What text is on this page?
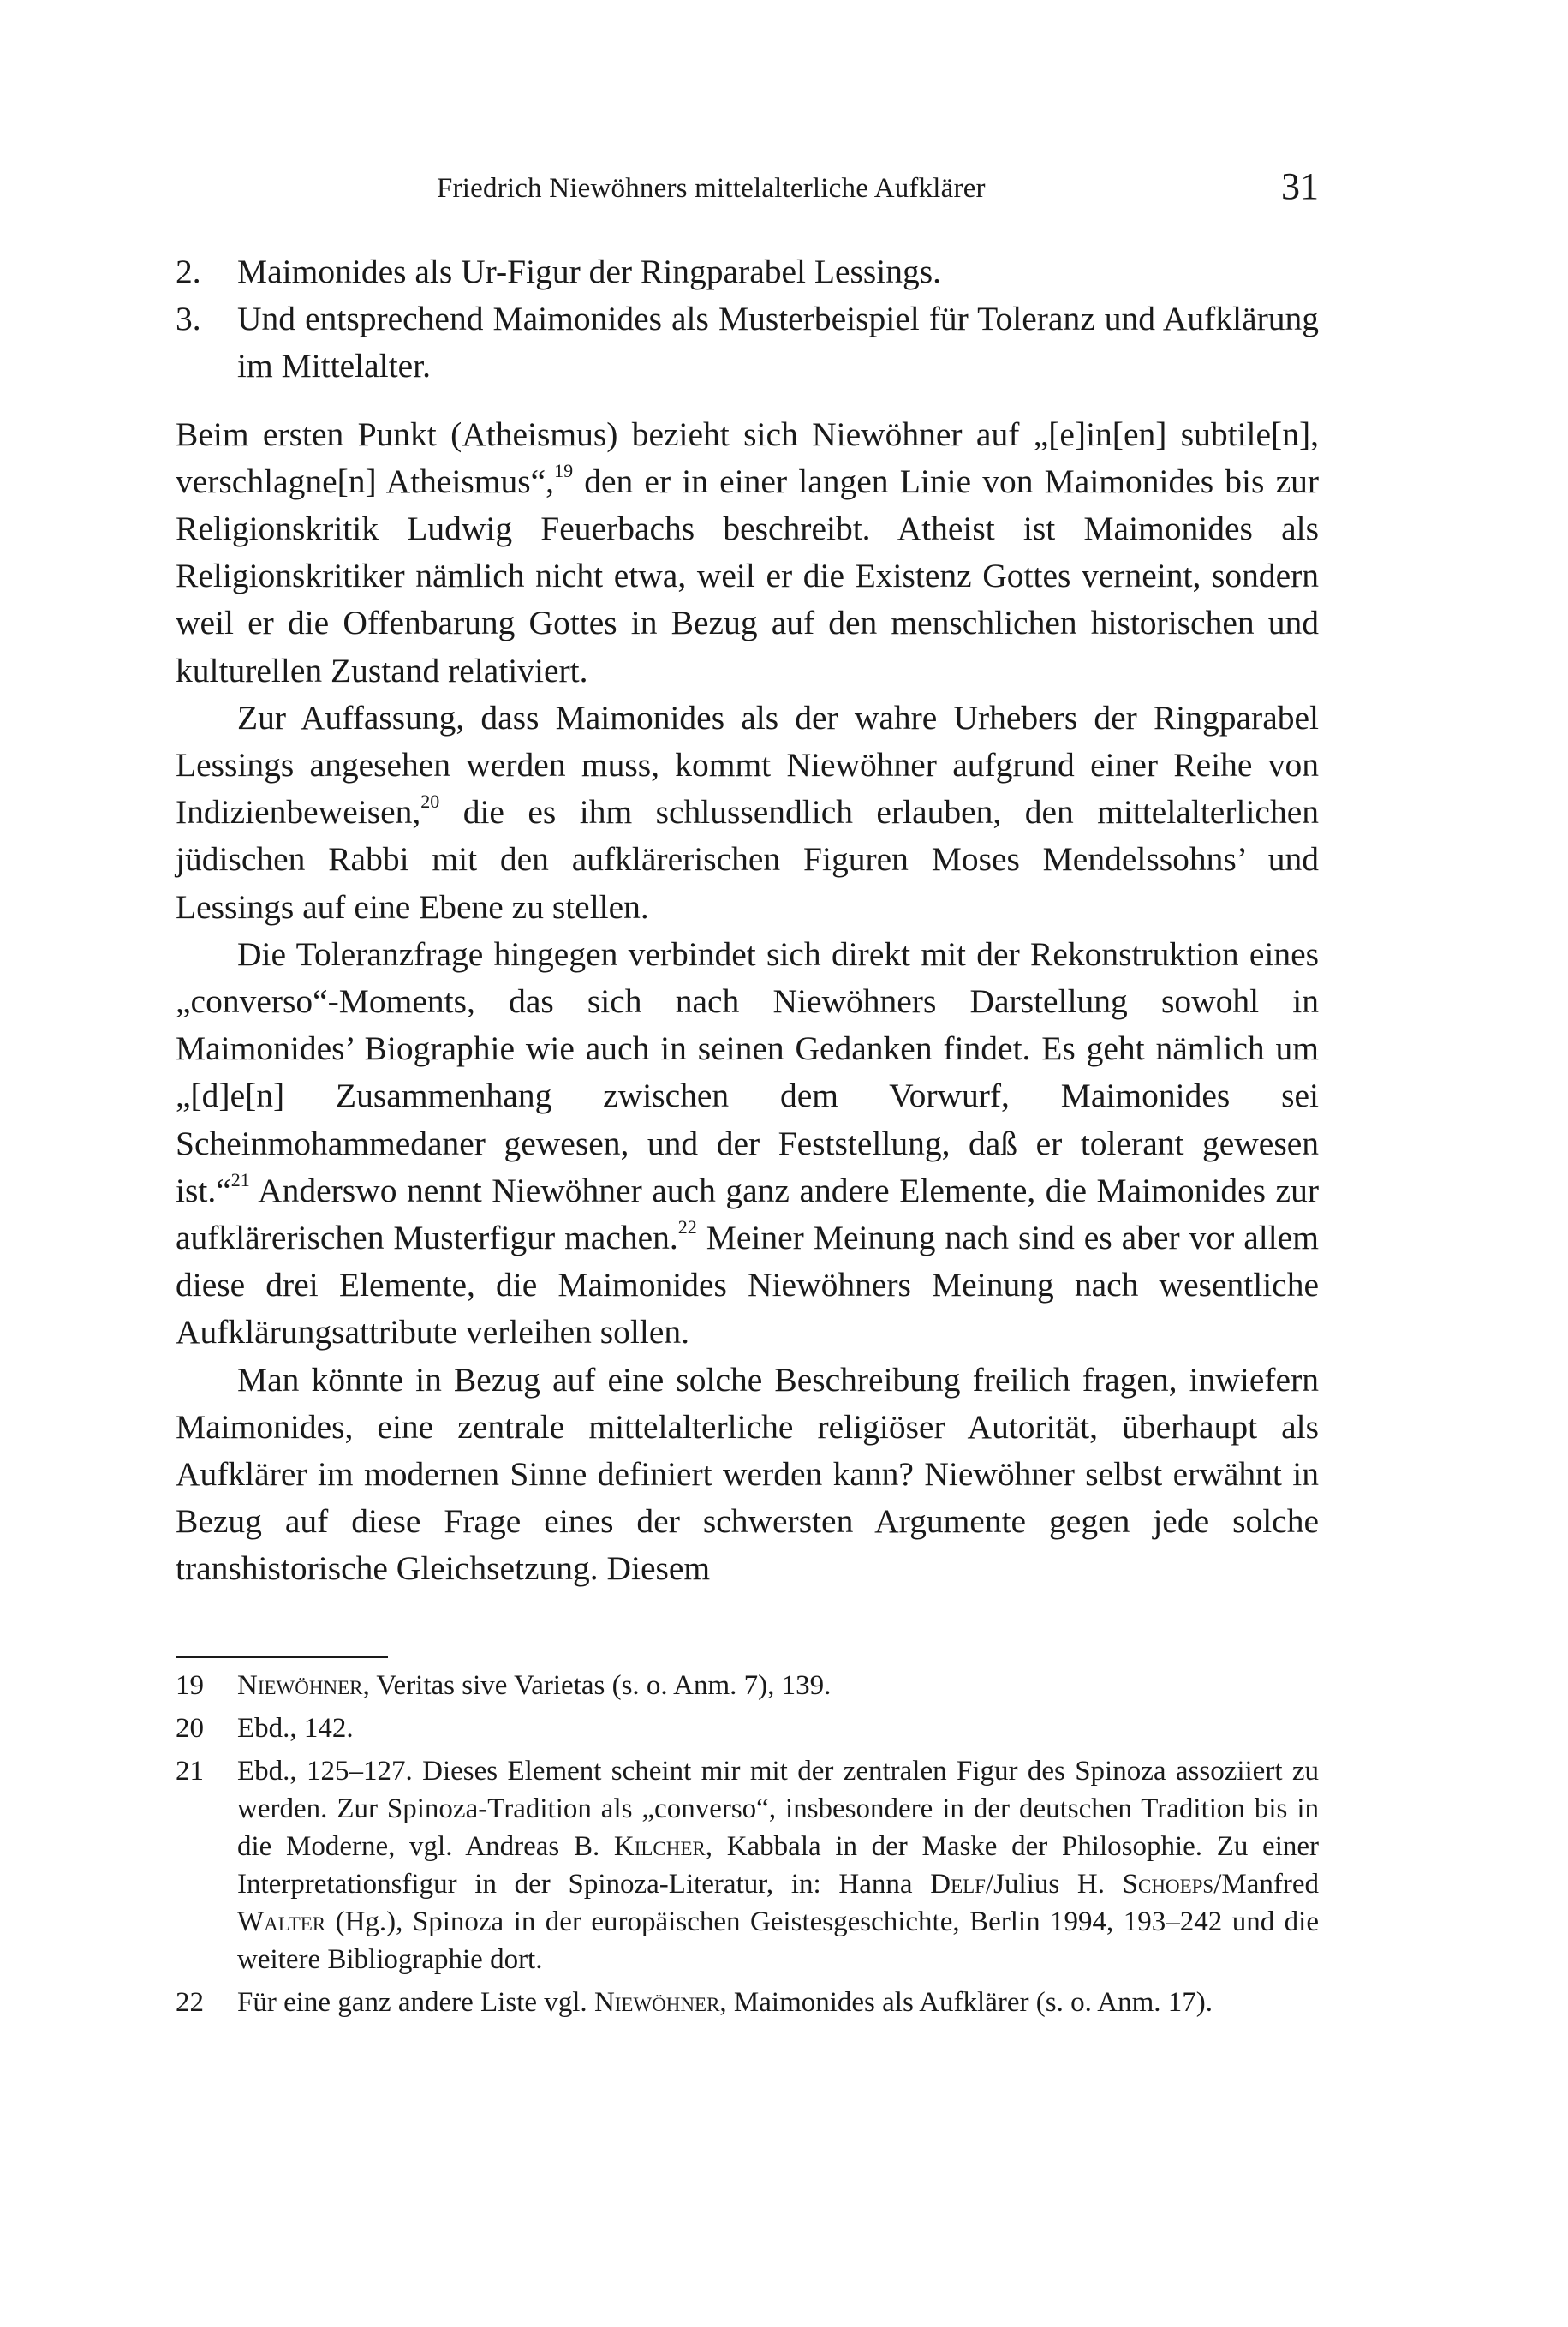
Friedrich Niewöhners mittelalterliche Aufklärer	31
2. Maimonides als Ur-Figur der Ringparabel Lessings.
3. Und entsprechend Maimonides als Musterbeispiel für Toleranz und Aufklärung im Mittelalter.

Beim ersten Punkt (Atheismus) bezieht sich Niewöhner auf „[e]in[en] subtile[n], verschlagne[n] Atheismus“,$^{19}$ den er in einer langen Linie von Maimonides bis zur Religionskritik Ludwig Feuerbachs beschreibt. Atheist ist Maimonides als Religionskritiker nämlich nicht etwa, weil er die Existenz Gottes verneint, sondern weil er die Offenbarung Gottes in Bezug auf den menschlichen historischen und kulturellen Zustand relativiert.

Zur Auffassung, dass Maimonides als der wahre Urhebers der Ringparabel Lessings angesehen werden muss, kommt Niewöhner aufgrund einer Reihe von Indizienbeweisen,$^{20}$ die es ihm schlussendlich erlauben, den mittelalterlichen jüdischen Rabbi mit den aufklärerischen Figuren Moses Mendelssohns’ und Lessings auf eine Ebene zu stellen.

Die Toleranzfrage hingegen verbindet sich direkt mit der Rekonstruktion eines „converso“-Moments, das sich nach Niewöhners Darstellung sowohl in Maimonides’ Biographie wie auch in seinen Gedanken findet. Es geht nämlich um „[d]e[n] Zusammenhang zwischen dem Vorwurf, Maimonides sei Scheinmohammedaner gewesen, und der Feststellung, daß er tolerant gewesen ist.“$^{21}$ Anderswo nennt Niewöhner auch ganz andere Elemente, die Maimonides zur aufklärerischen Musterfigur machen.$^{22}$ Meiner Meinung nach sind es aber vor allem diese drei Elemente, die Maimonides Niewöhners Meinung nach wesentliche Aufklärungsattribute verleihen sollen.

Man könnte in Bezug auf eine solche Beschreibung freilich fragen, inwiefern Maimonides, eine zentrale mittelalterliche religiöser Autorität, überhaupt als Aufklärer im modernen Sinne definiert werden kann? Niewöhner selbst erwähnt in Bezug auf diese Frage eines der schwersten Argumente gegen jede solche transhistorische Gleichsetzung. Diesem

19	Niewöhner, Veritas sive Varietas (s. o. Anm. 7), 139.
20	Ebd., 142.
21	Ebd., 125–127. Dieses Element scheint mir mit der zentralen Figur des Spinoza assoziiert zu werden. Zur Spinoza-Tradition als „converso“, insbesondere in der deutschen Tradition bis in die Moderne, vgl. Andreas B. Kilcher, Kabbala in der Maske der Philosophie. Zu einer Interpretationsfigur in der Spinoza-Literatur, in: Hanna Delf/Julius H. Schoeps/Manfred Walter (Hg.), Spinoza in der europäischen Geistesgeschichte, Berlin 1994, 193–242 und die weitere Bibliographie dort.
22	Für eine ganz andere Liste vgl. Niewöhner, Maimonides als Aufklärer (s. o. Anm. 17).
